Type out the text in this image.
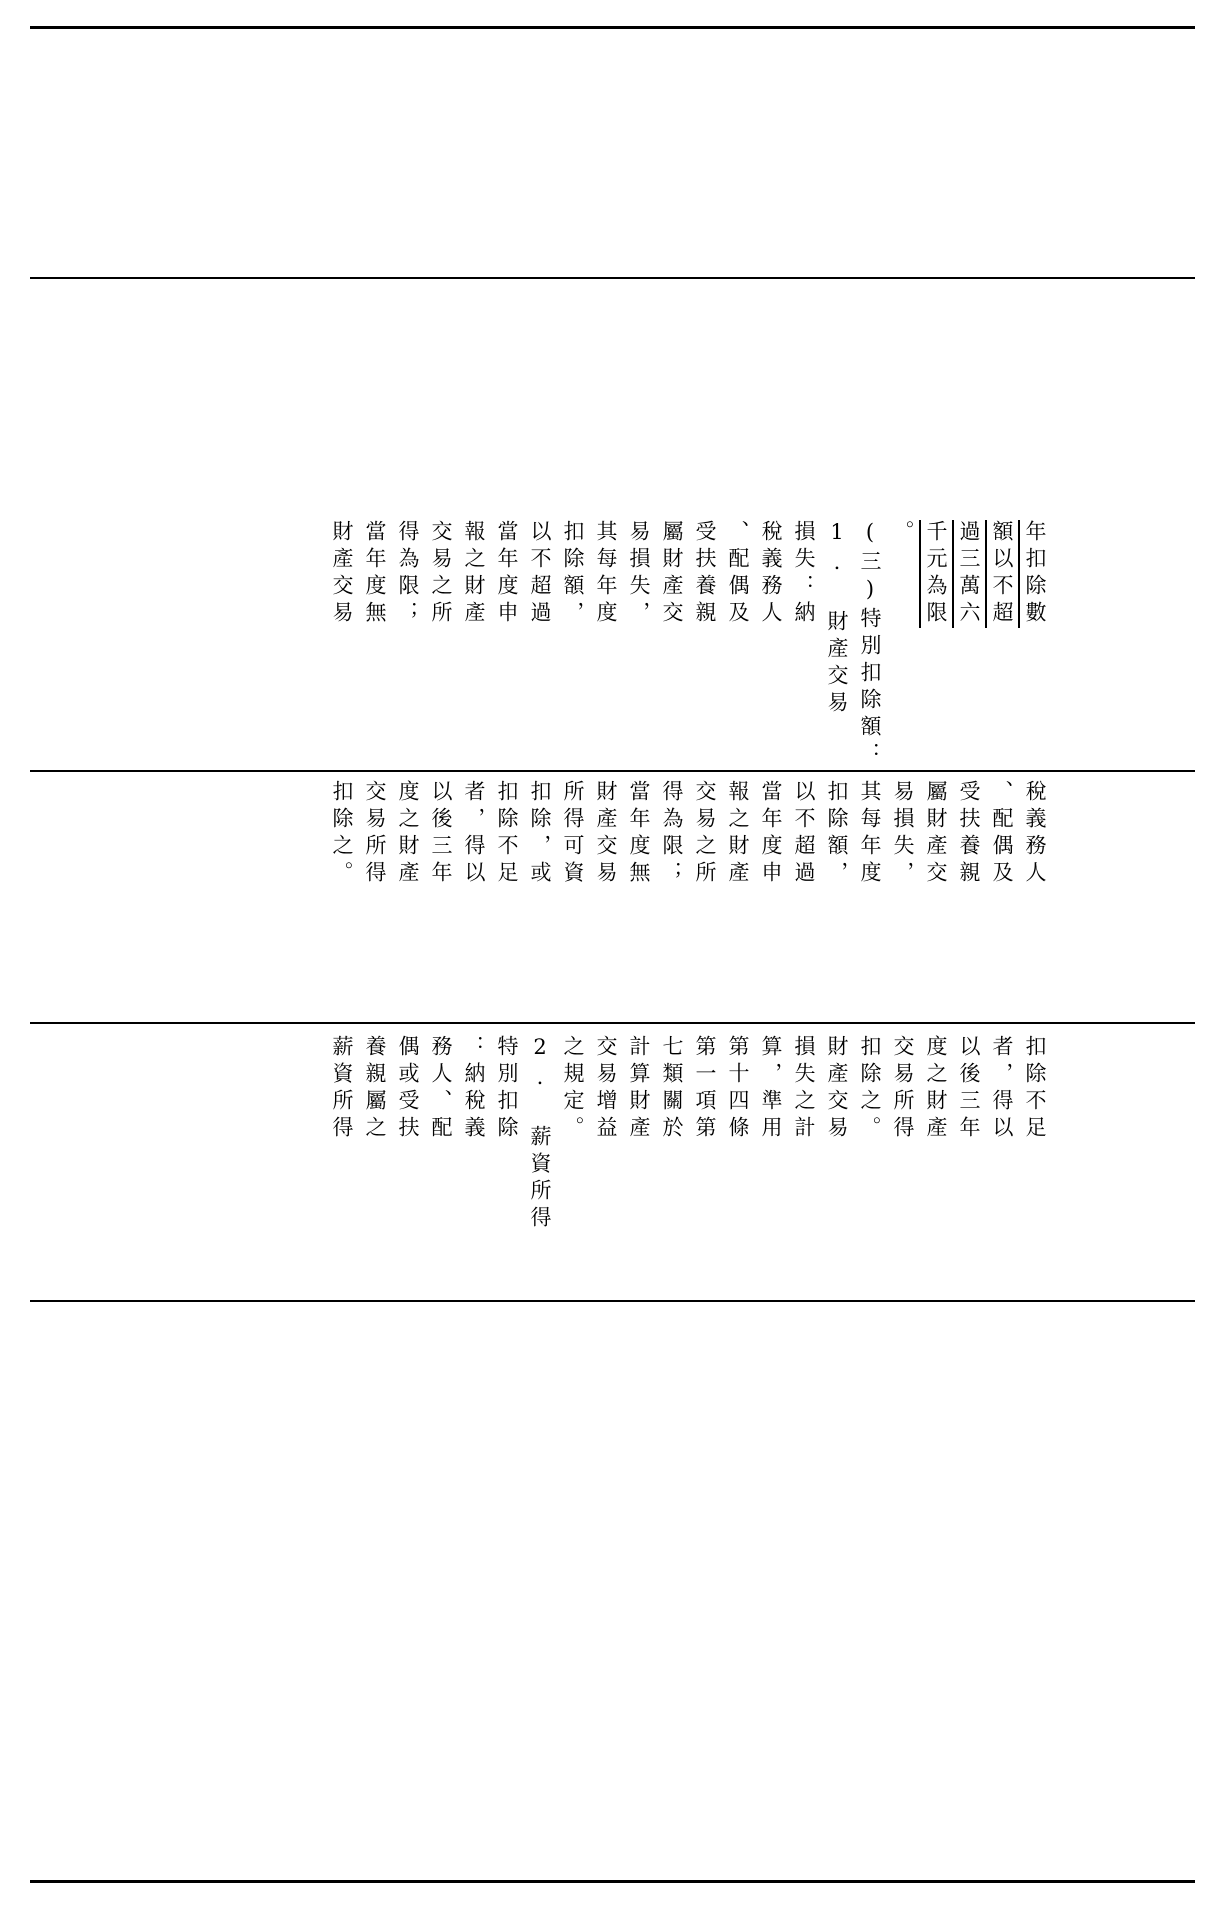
年扣除數
額以不超
過三萬六
千元為限
。
(三)特別扣除額：
1. 財產交易
損失：納
稅義務人
、配偶及
受扶養親
屬財產交
易損失，
其每年度
扣除額，
以不超過
當年度申
報之財產
交易之所
得為限；
當年度無
財產交易
稅義務人
、配偶及
受扶養親
屬財產交
易損失，
其每年度
扣除額，
以不超過
當年度申
報之財產
交易之所
得為限；
當年度無
財產交易
所得可資
扣除，或
扣除不足
者，得以
以後三年
度之財產
交易所得
扣除之。
扣除不足
者，得以
以後三年
度之財產
交易所得
扣除之。
財產交易
損失之計
算，準用
第十四條
第一項第
七類關於
計算財產
交易增益
之規定。
2. 薪資所得
特別扣除
：納稅義
務人、配
偶或受扶
養親屬之
薪資所得
